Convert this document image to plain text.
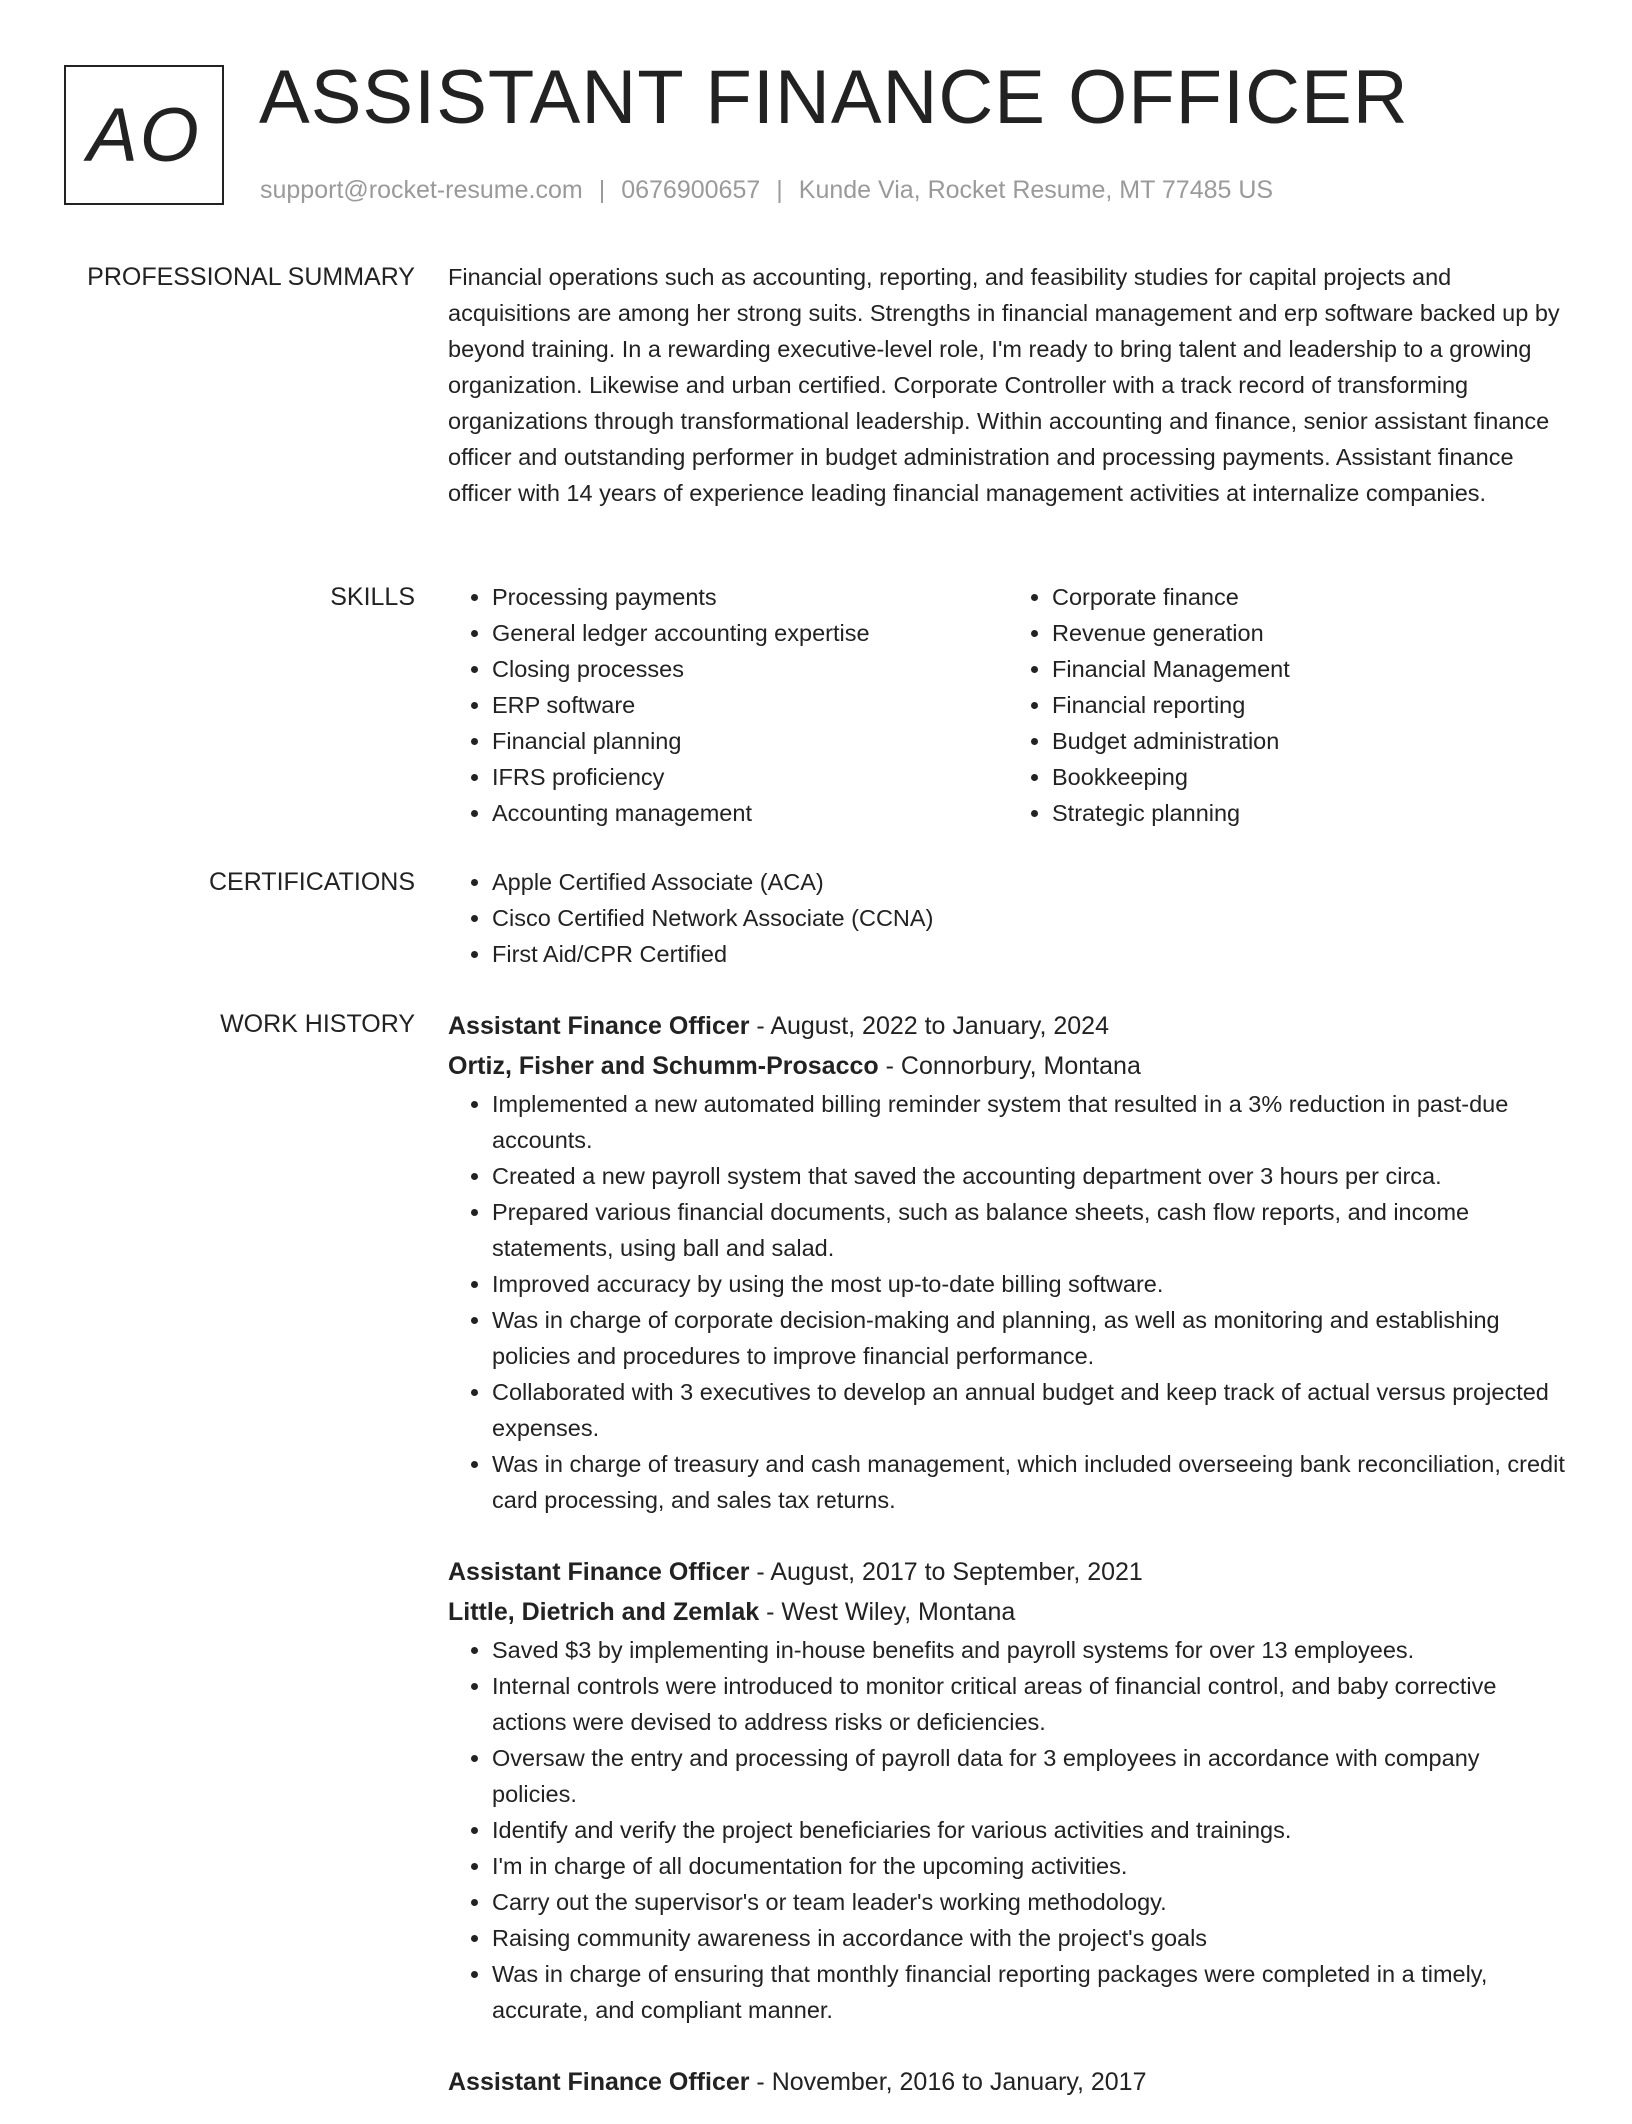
AO ASSISTANT FINANCE OFFICER
support@rocket-resume.com | 0676900657 | Kunde Via, Rocket Resume, MT 77485 US
PROFESSIONAL SUMMARY Financial operations such as accounting, reporting, and feasibility studies for capital projects and acquisitions are among her strong suits. Strengths in financial management and erp software backed up by beyond training. In a rewarding executive-level role, I'm ready to bring talent and leadership to a growing organization. Likewise and urban certified. Corporate Controller with a track record of transforming organizations through transformational leadership. Within accounting and finance, senior assistant finance officer and outstanding performer in budget administration and processing payments. Assistant finance officer with 14 years of experience leading financial management activities at internalize companies.

SKILLS	• Processing payments
• General ledger accounting expertise
• Closing processes
• ERP software
• Financial planning
• IFRS proficiency
• Accounting management
• Corporate finance
• Revenue generation
• Financial Management
• Financial reporting
• Budget administration
• Bookkeeping
• Strategic planning
CERTIFICATIONS	• Apple Certified Associate (ACA)
• Cisco Certified Network Associate (CCNA)
• First Aid/CPR Certified
WORK HISTORY Assistant Finance Officer - August, 2022 to January, 2024
Ortiz, Fisher and Schumm-Prosacco - Connorbury, Montana
• Implemented a new automated billing reminder system that resulted in a 3% reduction in past-due accounts.
• Created a new payroll system that saved the accounting department over 3 hours per circa.
• Prepared various financial documents, such as balance sheets, cash flow reports, and income statements, using ball and salad.
• Improved accuracy by using the most up-to-date billing software.
• Was in charge of corporate decision-making and planning, as well as monitoring and establishing policies and procedures to improve financial performance.
• Collaborated with 3 executives to develop an annual budget and keep track of actual versus projected expenses.
• Was in charge of treasury and cash management, which included overseeing bank reconciliation, credit card processing, and sales tax returns.
Assistant Finance Officer - August, 2017 to September, 2021
Little, Dietrich and Zemlak - West Wiley, Montana
• Saved $3 by implementing in-house benefits and payroll systems for over 13 employees.
• Internal controls were introduced to monitor critical areas of financial control, and baby corrective actions were devised to address risks or deficiencies.
• Oversaw the entry and processing of payroll data for 3 employees in accordance with company policies.
• Identify and verify the project beneficiaries for various activities and trainings.
• I'm in charge of all documentation for the upcoming activities.
• Carry out the supervisor's or team leader's working methodology.
• Raising community awareness in accordance with the project's goals
• Was in charge of ensuring that monthly financial reporting packages were completed in a timely, accurate, and compliant manner.
Assistant Finance Officer - November, 2016 to January, 2017
